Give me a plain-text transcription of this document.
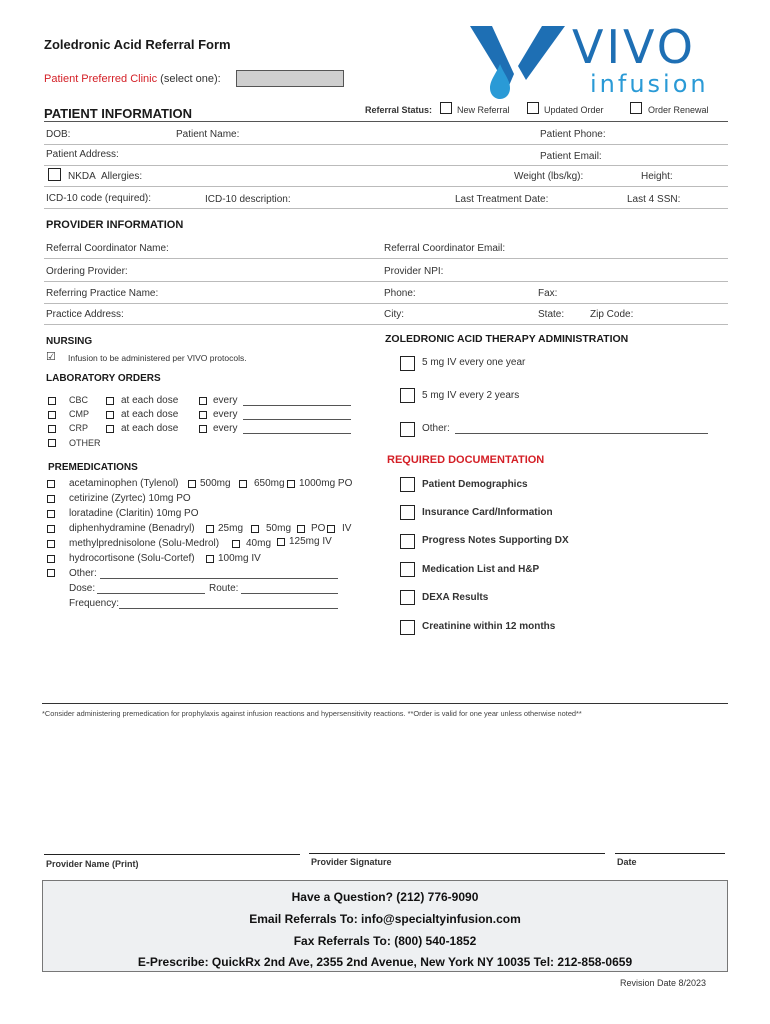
Zoledronic Acid Referral Form	VIVO
infusion
Patient Preferred Clinic (select one):
PATIENT INFORMATION	Referral Status:	New Referral	Updated Order	Order Renewal
DOB:	Patient Name:	Patient Phone:
Patient Address:	Patient Email:
NKDA Allergies:	Weight (lbs/kg):	Height:
ICD-10 code (required):	ICD-10 description:	Last Treatment Date:	Last 4 SSN:
PROVIDER INFORMATION
Referral Coordinator Name:	Referral Coordinator Email:
Ordering Provider:	Provider NPI:
Referring Practice Name:	Phone:	Fax:
Practice Address:	City:	State:	Zip Code:
NURSING
☑ Infusion to be administered per VIVO protocols.
LABORATORY ORDERS
CBC	at each dose	every
CMP	at each dose	every
CRP	at each dose	every
OTHER
PREMEDICATIONS
acetaminophen (Tylenol) 500mg 650mg 1000mg PO
cetirizine (Zyrtec) 10mg PO
loratadine (Claritin) 10mg PO
diphenhydramine (Benadryl) 25mg 50mg PO IV
methylprednisolone (Solu-Medrol)	40mg 125mg IV
hydrocortisone (Solu-Cortef) 100mg IV
Other:
Dose:	Route:
Frequency:
ZOLEDRONIC ACID THERAPY ADMINISTRATION
5 mg IV every one year
5 mg IV every 2 years
Other:
REQUIRED DOCUMENTATION
Patient Demographics
Insurance Card/Information
Progress Notes Supporting DX
Medication List and H&P
DEXA Results
Creatinine within 12 months
*Consider administering premedication for prophylaxis against infusion reactions and hypersensitivity reactions. **Order is valid for one year unless otherwise noted**
Provider Name (Print)	Provider Signature	Date
Have a Question? (212) 776-9090
Email Referrals To: info@specialtyinfusion.com
Fax Referrals To: (800) 540-1852
E-Prescribe: QuickRx 2nd Ave, 2355 2nd Avenue, New York NY 10035 Tel: 212-858-0659
Revision Date 8/2023
